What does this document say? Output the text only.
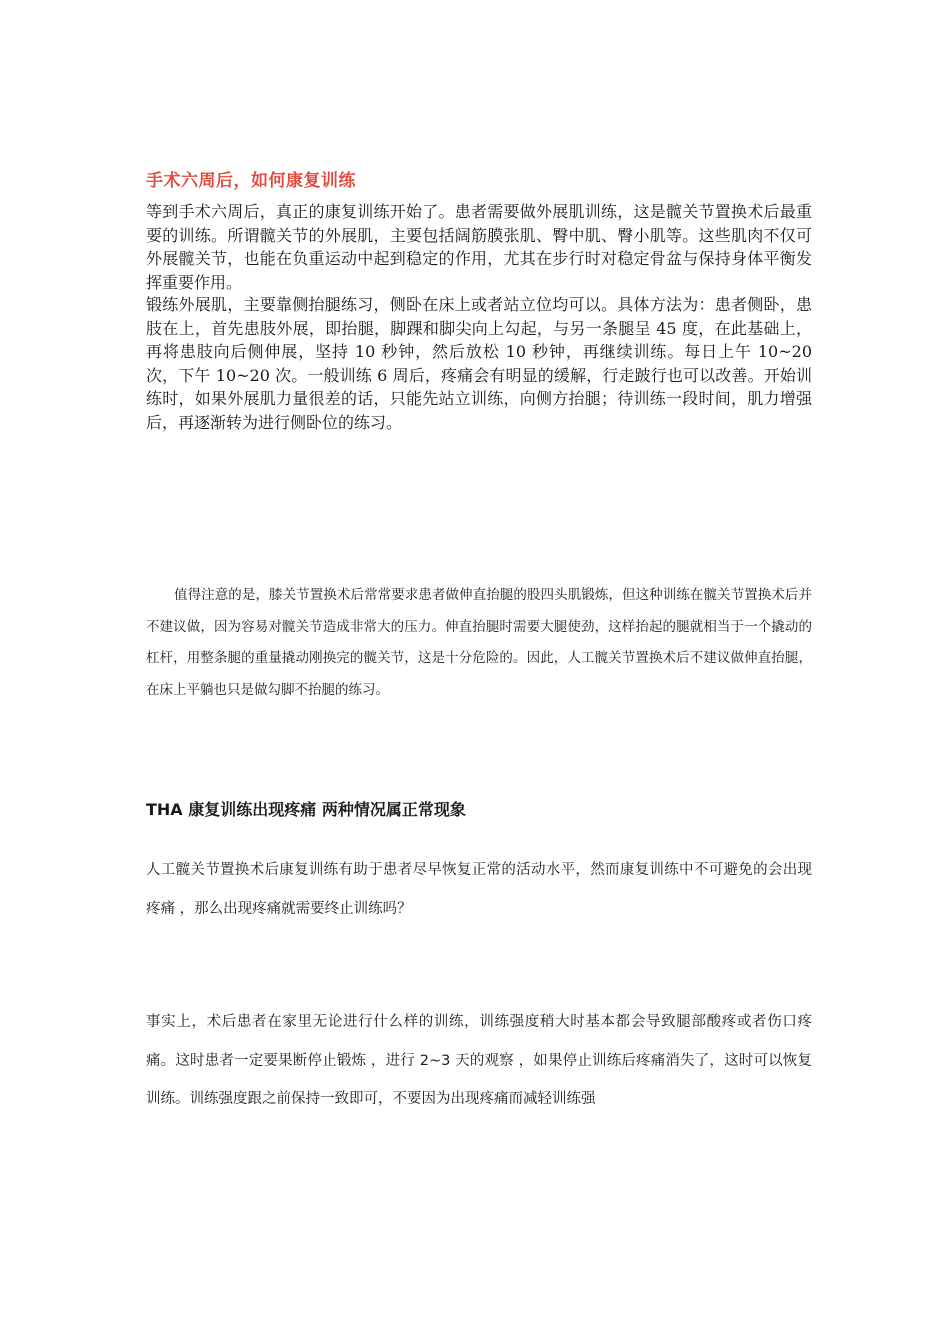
手术六周后，如何康复训练

等到手术六周后，真正的康复训练开始了。患者需要做外展肌训练，这是髋关节置换术后最重要的训练。所谓髋关节的外展肌，主要包括阔筋膜张肌、臀中肌、臀小肌等。这些肌肉不仅可外展髋关节，也能在负重运动中起到稳定的作用，尤其在步行时对稳定骨盆与保持身体平衡发挥重要作用。

锻练外展肌，主要靠侧抬腿练习，侧卧在床上或者站立位均可以。具体方法为：患者侧卧，患肢在上，首先患肢外展，即抬腿，脚踝和脚尖向上勾起，与另一条腿呈 45 度，在此基础上，再将患肢向后侧伸展，坚持 10 秒钟，然后放松 10 秒钟，再继续训练。每日上午 10~20 次，下午 10~20 次。一般训练 6 周后，疼痛会有明显的缓解，行走跛行也可以改善。开始训练时，如果外展肌力量很差的话，只能先站立训练，向侧方抬腿；待训练一段时间，肌力增强后，再逐渐转为进行侧卧位的练习。

值得注意的是，膝关节置换术后常常要求患者做伸直抬腿的股四头肌锻炼，但这种训练在髋关节置换术后并不建议做，因为容易对髋关节造成非常大的压力。伸直抬腿时需要大腿使劲，这样抬起的腿就相当于一个撬动的杠杆，用整条腿的重量撬动刚换完的髋关节，这是十分危险的。因此，人工髋关节置换术后不建议做伸直抬腿，在床上平躺也只是做勾脚不抬腿的练习。

THA 康复训练出现疼痛 两种情况属正常现象

人工髋关节置换术后康复训练有助于患者尽早恢复正常的活动水平，然而康复训练中不可避免的会出现疼痛 ，那么出现疼痛就需要终止训练吗？

事实上，术后患者在家里无论进行什么样的训练，训练强度稍大时基本都会导致腿部酸疼或者伤口疼痛。这时患者一定要果断停止锻炼 ，进行 2~3 天的观察 ，如果停止训练后疼痛消失了，这时可以恢复训练。训练强度跟之前保持一致即可，不要因为出现疼痛而减轻训练强
